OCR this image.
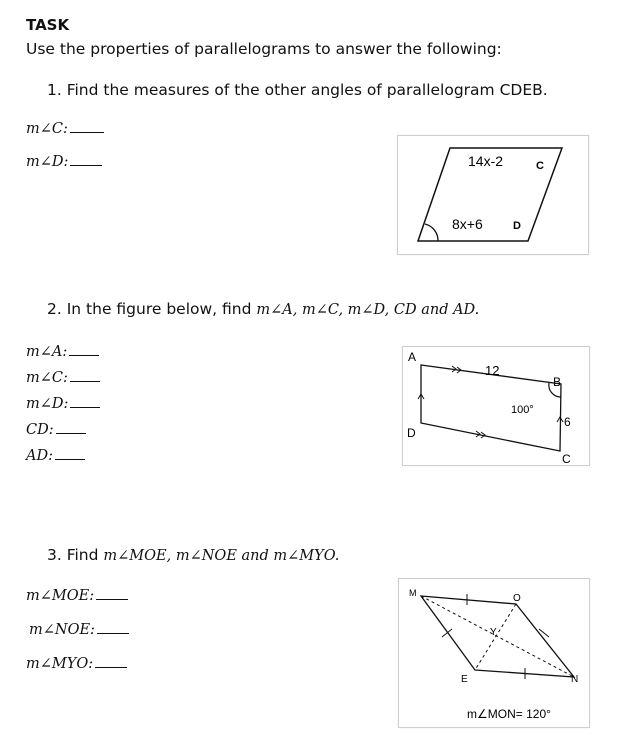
TASK
Use the properties of parallelograms to answer the following:
1. Find the measures of the other angles of parallelogram CDEB.
m∠C:
m∠D:	14x-2	C
8x+6	D
2. In the figure below, find m∠A, m∠C, m∠D, CD and AD.
m∠A:
m∠C:
m∠D:
CD:
AD:
A
B
C
D
12
6
100°
3. Find m∠MOE, m∠NOE and m∠MYO.
m∠MOE:
m∠NOE:
m∠MYO:
M	O
N
E
Y
m∠MON= 120°
